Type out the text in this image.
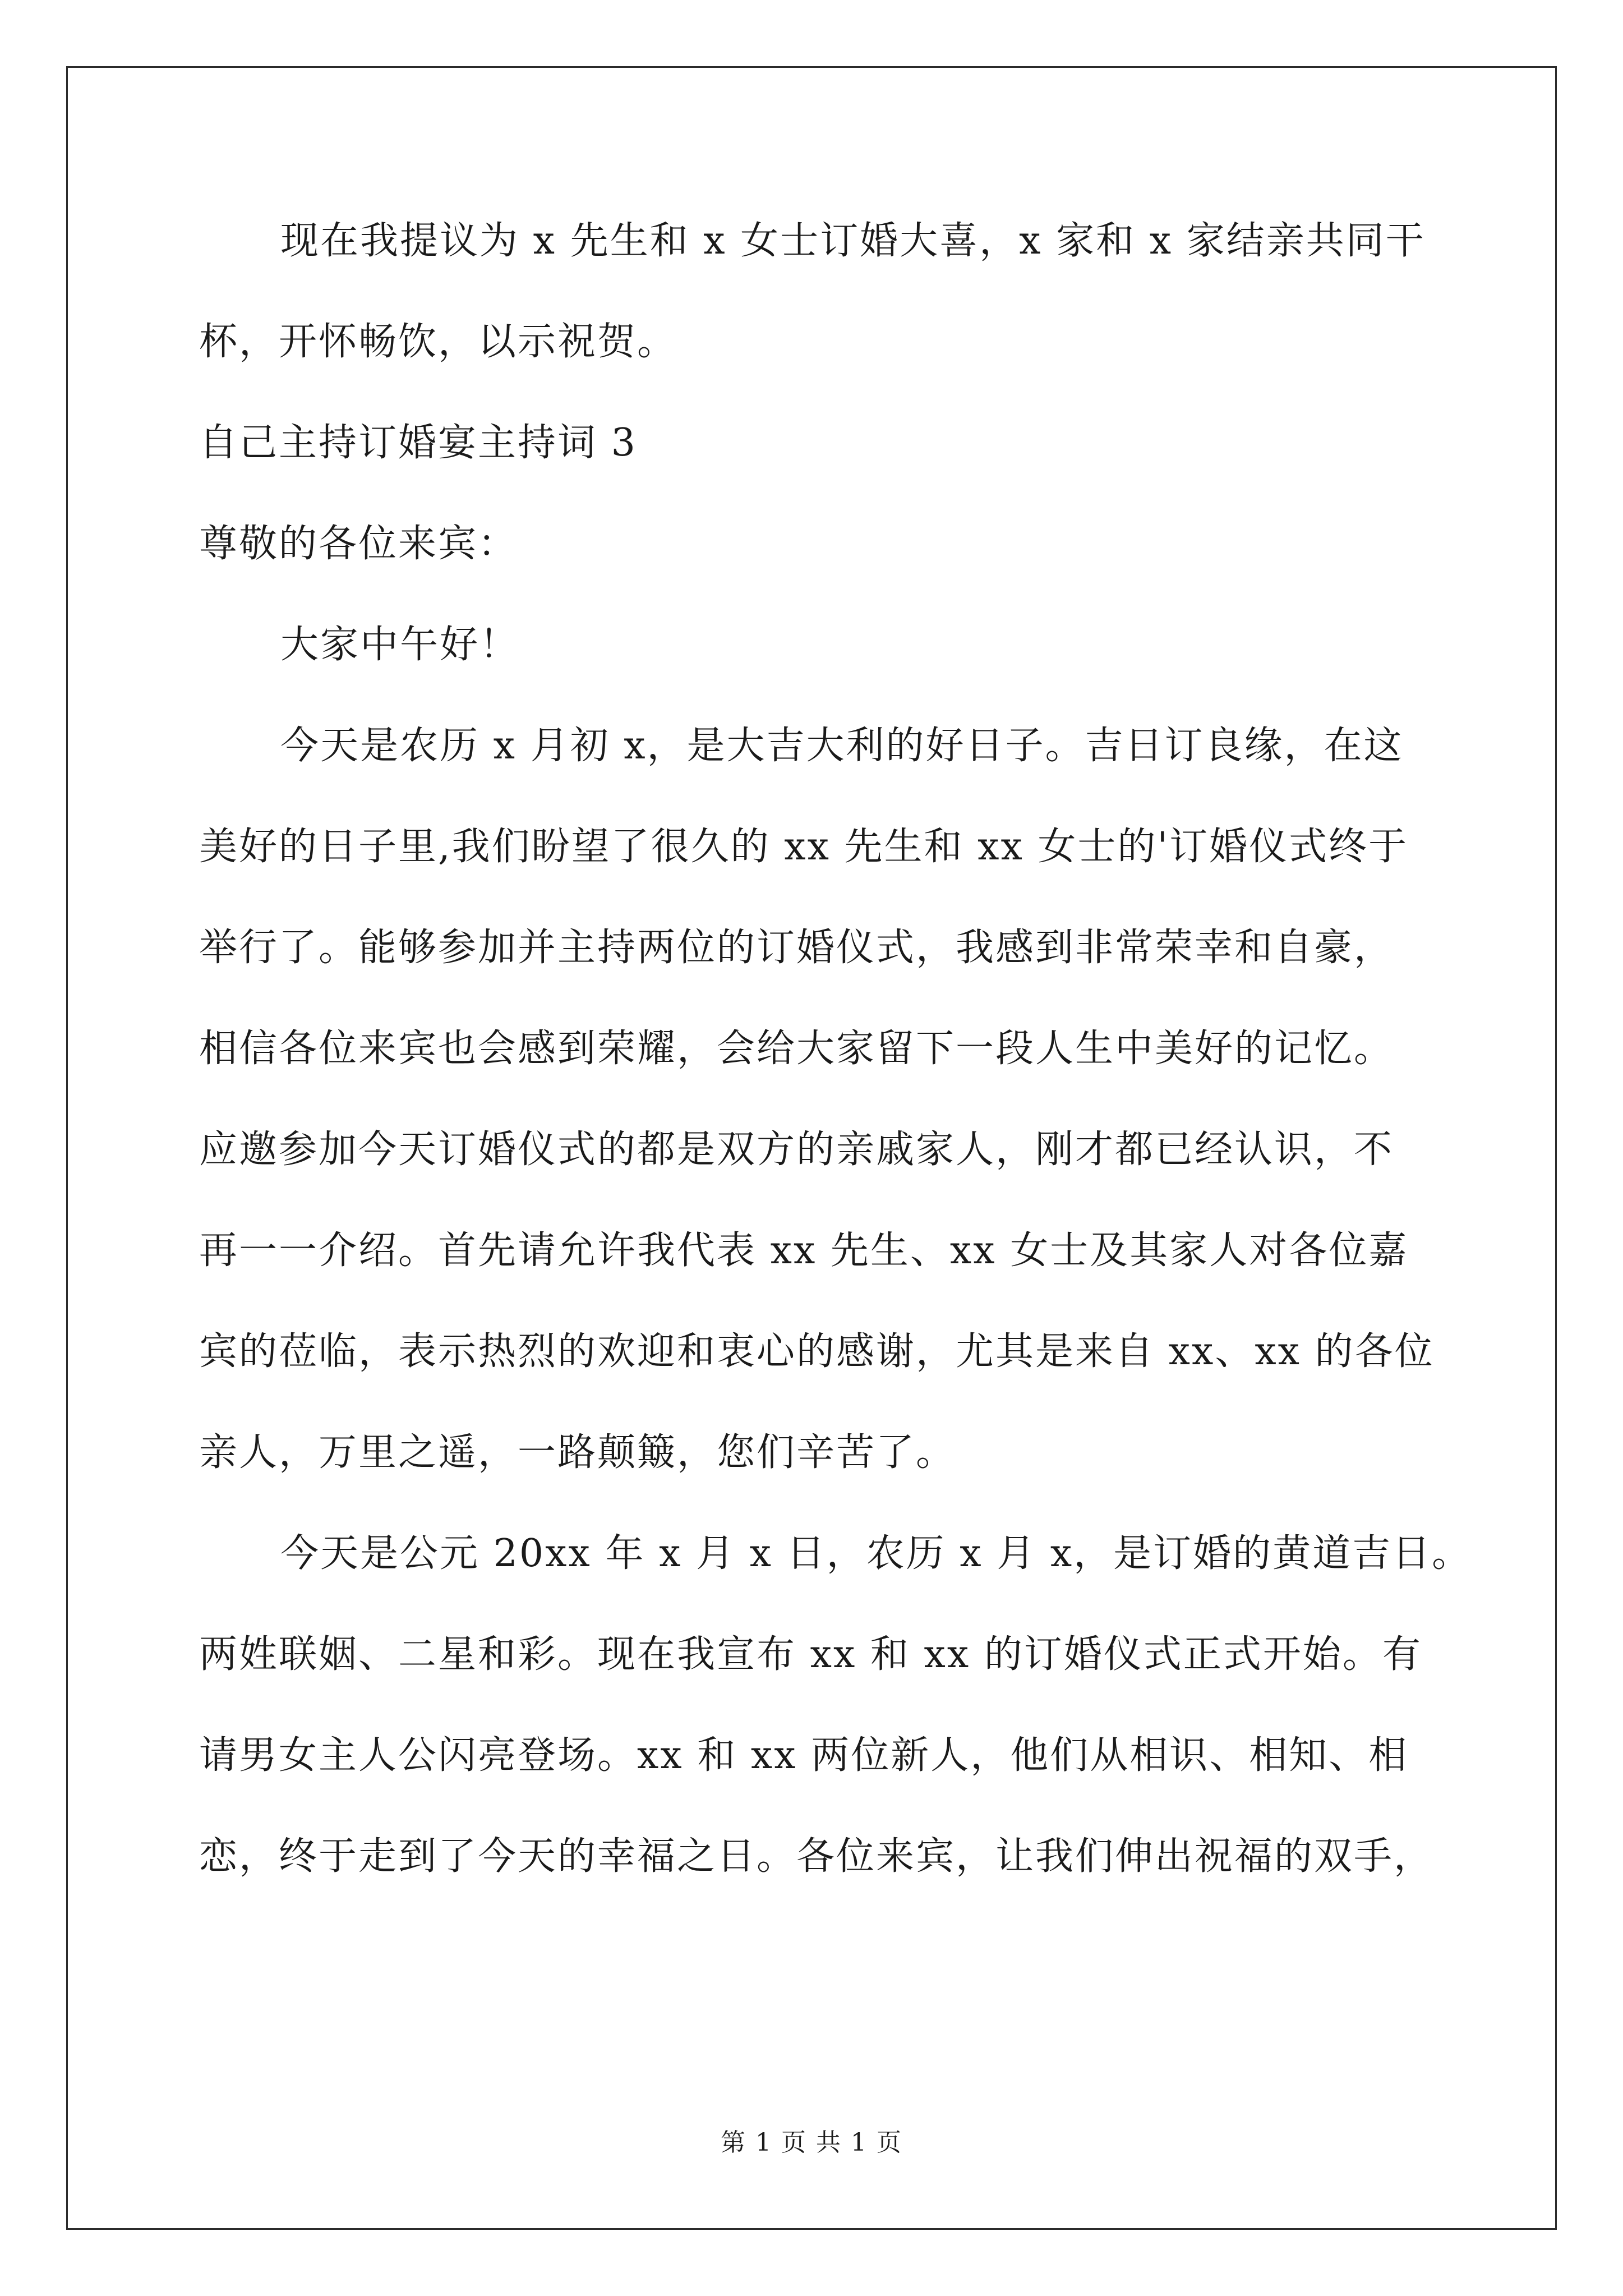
现在我提议为 x 先生和 x 女士订婚大喜，x 家和 x 家结亲共同干
杯，开怀畅饮，以示祝贺。
自己主持订婚宴主持词 3
尊敬的各位来宾：
大家中午好！
今天是农历 x 月初 x，是大吉大利的好日子。吉日订良缘，在这
美好的日子里,我们盼望了很久的 xx 先生和 xx 女士的'订婚仪式终于
举行了。能够参加并主持两位的订婚仪式，我感到非常荣幸和自豪，
相信各位来宾也会感到荣耀，会给大家留下一段人生中美好的记忆。
应邀参加今天订婚仪式的都是双方的亲戚家人，刚才都已经认识，不
再一一介绍。首先请允许我代表 xx 先生、xx 女士及其家人对各位嘉
宾的莅临，表示热烈的欢迎和衷心的感谢，尤其是来自 xx、xx 的各位
亲人，万里之遥，一路颠簸，您们辛苦了。
今天是公元 20xx 年 x 月 x 日，农历 x 月 x，是订婚的黄道吉日。
两姓联姻、二星和彩。现在我宣布 xx 和 xx 的订婚仪式正式开始。有
请男女主人公闪亮登场。xx 和 xx 两位新人，他们从相识、相知、相
恋，终于走到了今天的幸福之日。各位来宾，让我们伸出祝福的双手，
第 1 页 共 1 页
